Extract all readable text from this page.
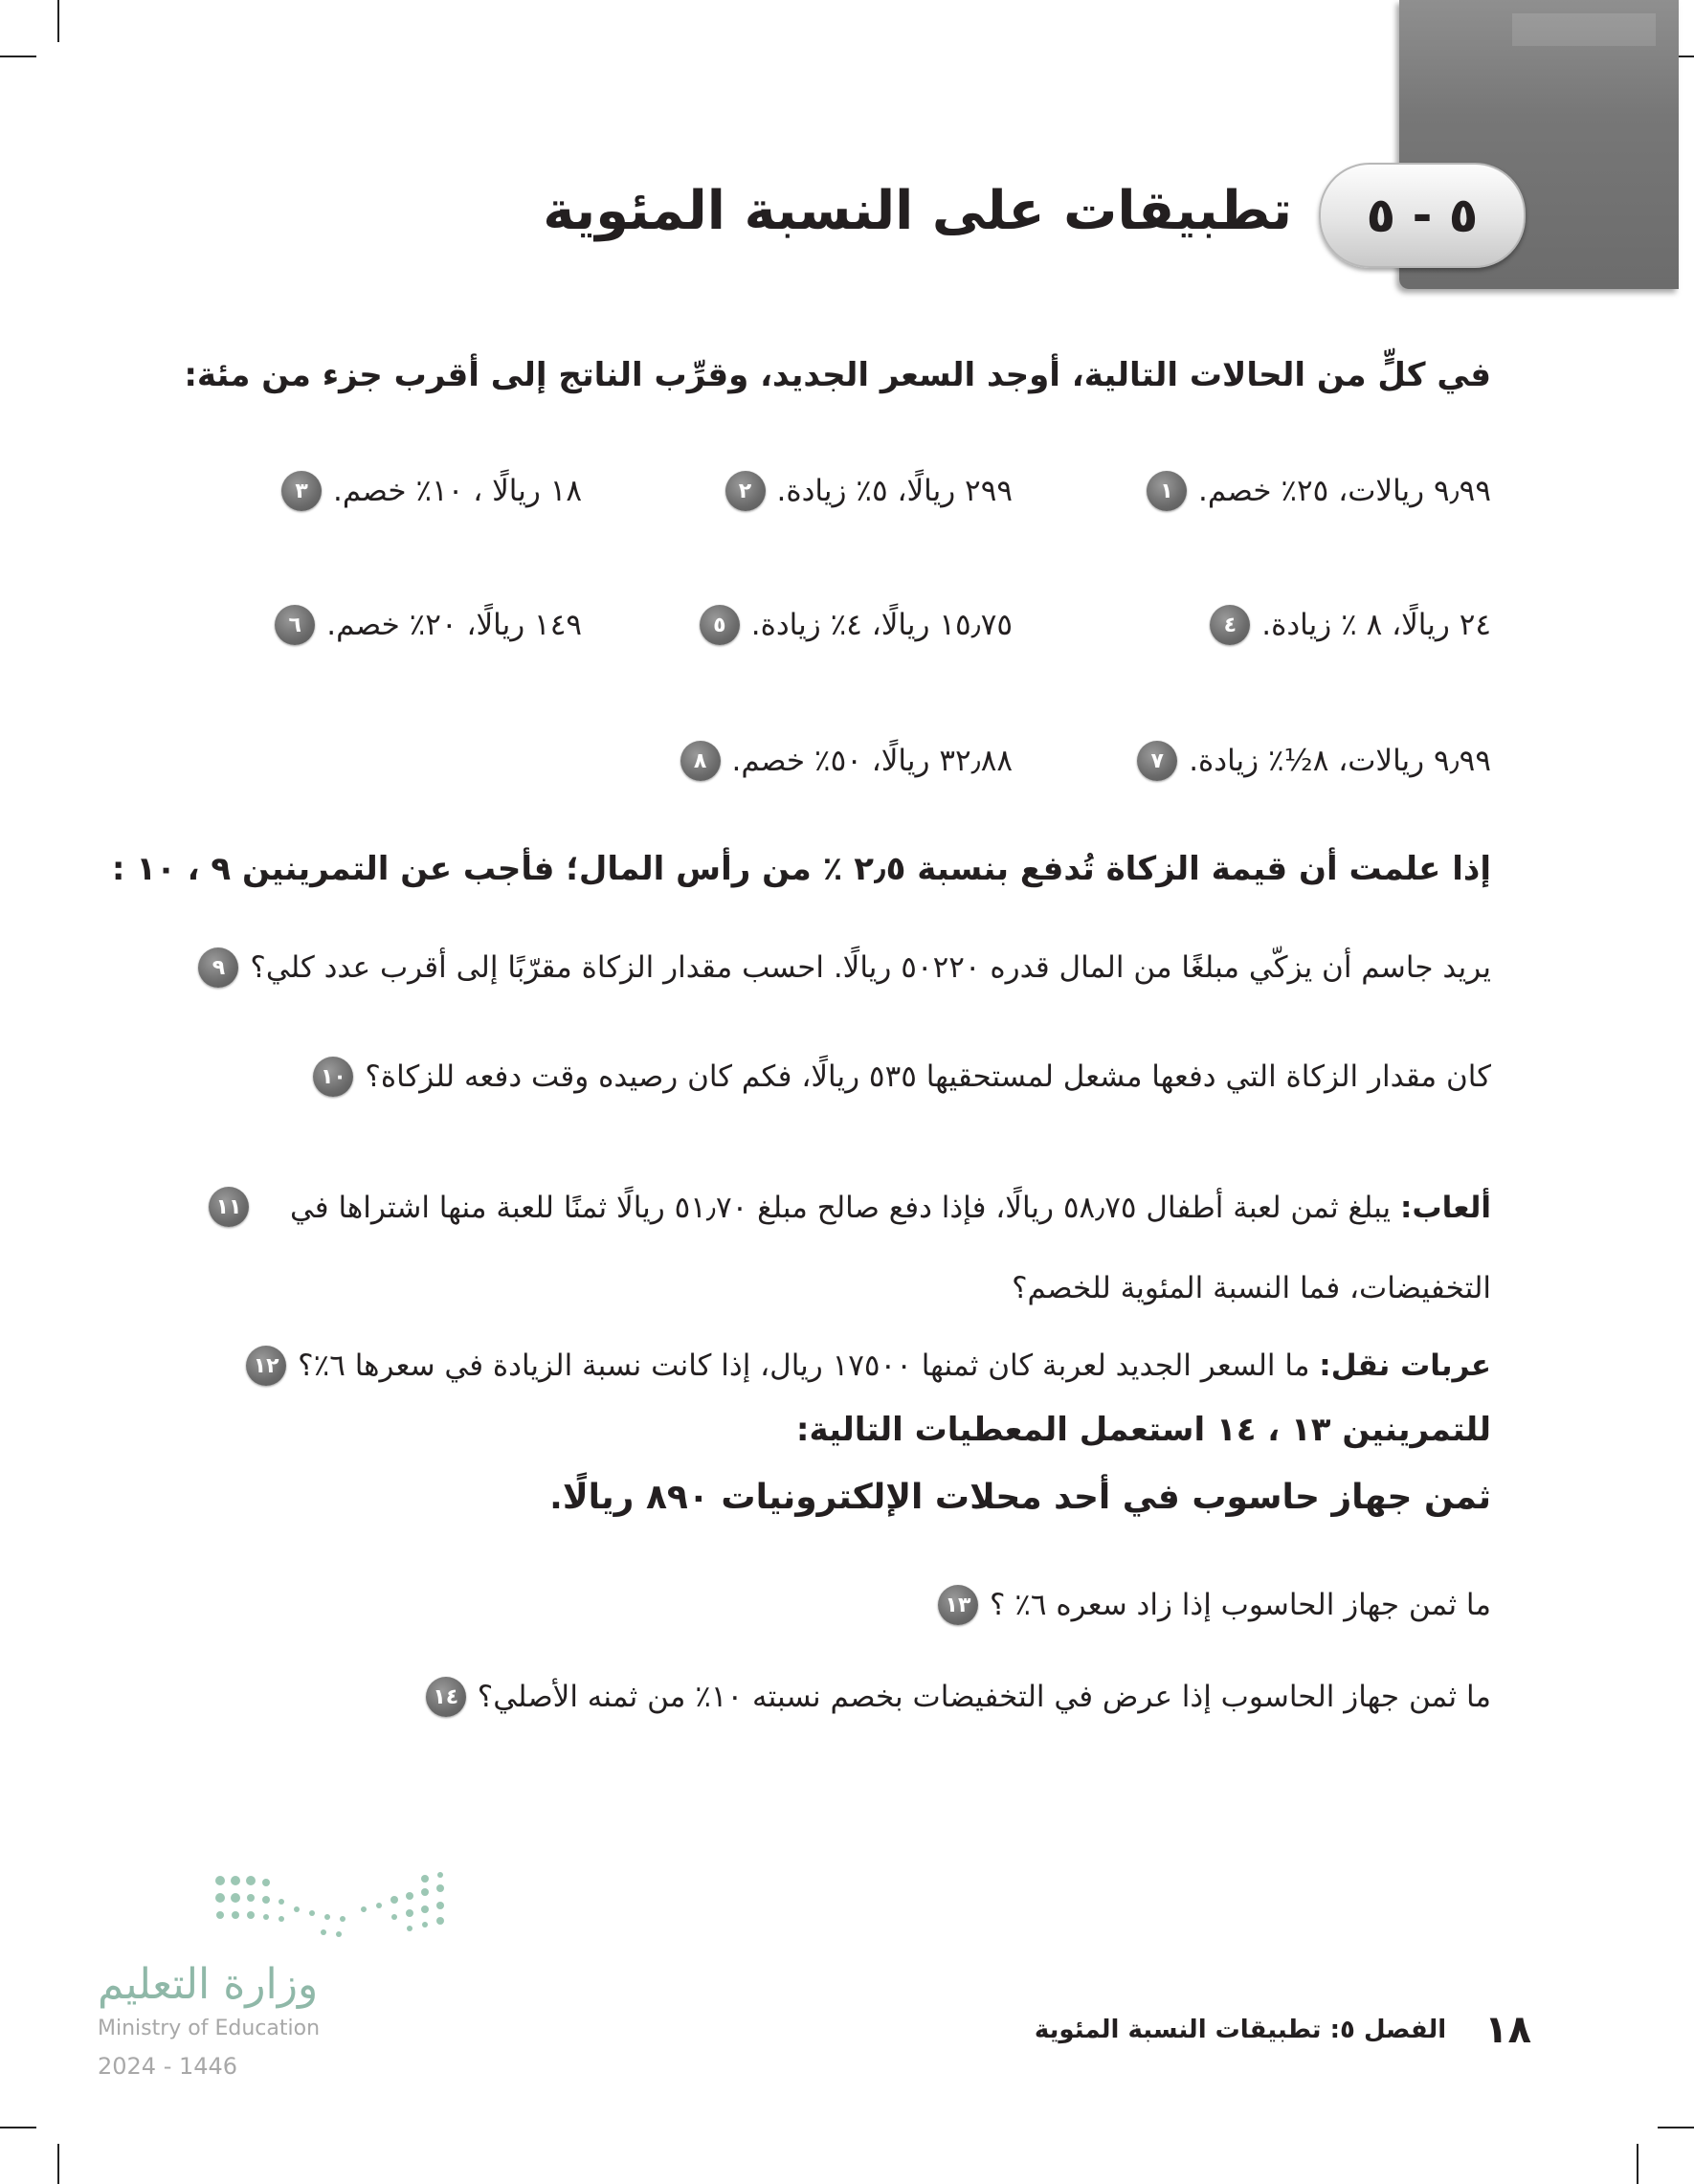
٥ - ٥
تطبيقات على النسبة المئوية
في كلٍّ من الحالات التالية، أوجد السعر الجديد، وقرِّب الناتج إلى أقرب جزء من مئة:
١ ٩٫٩٩ ريالات، ٢٥٪ خصم.
٢ ٢٩٩ ريالًا، ٥٪ زيادة.
٣ ١٨ ريالًا ، ١٠٪ خصم.
٤ ٢٤ ريالًا، ٨ ٪ زيادة.
٥ ١٥٫٧٥ ريالًا، ٤٪ زيادة.
٦ ١٤٩ ريالًا، ٢٠٪ خصم.
٧ ٩٫٩٩ ريالات، ٨½٪ زيادة.
٨ ٣٢٫٨٨ ريالًا، ٥٠٪ خصم.
إذا علمت أن قيمة الزكاة تُدفع بنسبة ٢٫٥ ٪ من رأس المال؛ فأجب عن التمرينين ٩ ، ١٠ :
٩ يريد جاسم أن يزكّي مبلغًا من المال قدره ٥٠٢٢٠ ريالًا. احسب مقدار الزكاة مقرّبًا إلى أقرب عدد كلي؟
١٠ كان مقدار الزكاة التي دفعها مشعل لمستحقيها ٥٣٥ ريالًا، فكم كان رصيده وقت دفعه للزكاة؟
١١	ألعاب: يبلغ ثمن لعبة أطفال ٥٨٫٧٥ ريالًا، فإذا دفع صالح مبلغ ٥١٫٧٠ ريالًا ثمنًا للعبة منها اشتراها في التخفيضات، فما النسبة المئوية للخصم؟
١٢	عربات نقل: ما السعر الجديد لعربة كان ثمنها ١٧٥٠٠ ريال، إذا كانت نسبة الزيادة في سعرها ٦٪؟
للتمرينين ١٣ ، ١٤ استعمل المعطيات التالية:
ثمن جهاز حاسوب في أحد محلات الإلكترونيات ٨٩٠ ريالًا.
١٣ ما ثمن جهاز الحاسوب إذا زاد سعره ٦٪ ؟
١٤ ما ثمن جهاز الحاسوب إذا عرض في التخفيضات بخصم نسبته ١٠٪ من ثمنه الأصلي؟
وزارة التعليم
Ministry of Education
2024 - 1446
١٨
الفصل ٥: تطبيقات النسبة المئوية
